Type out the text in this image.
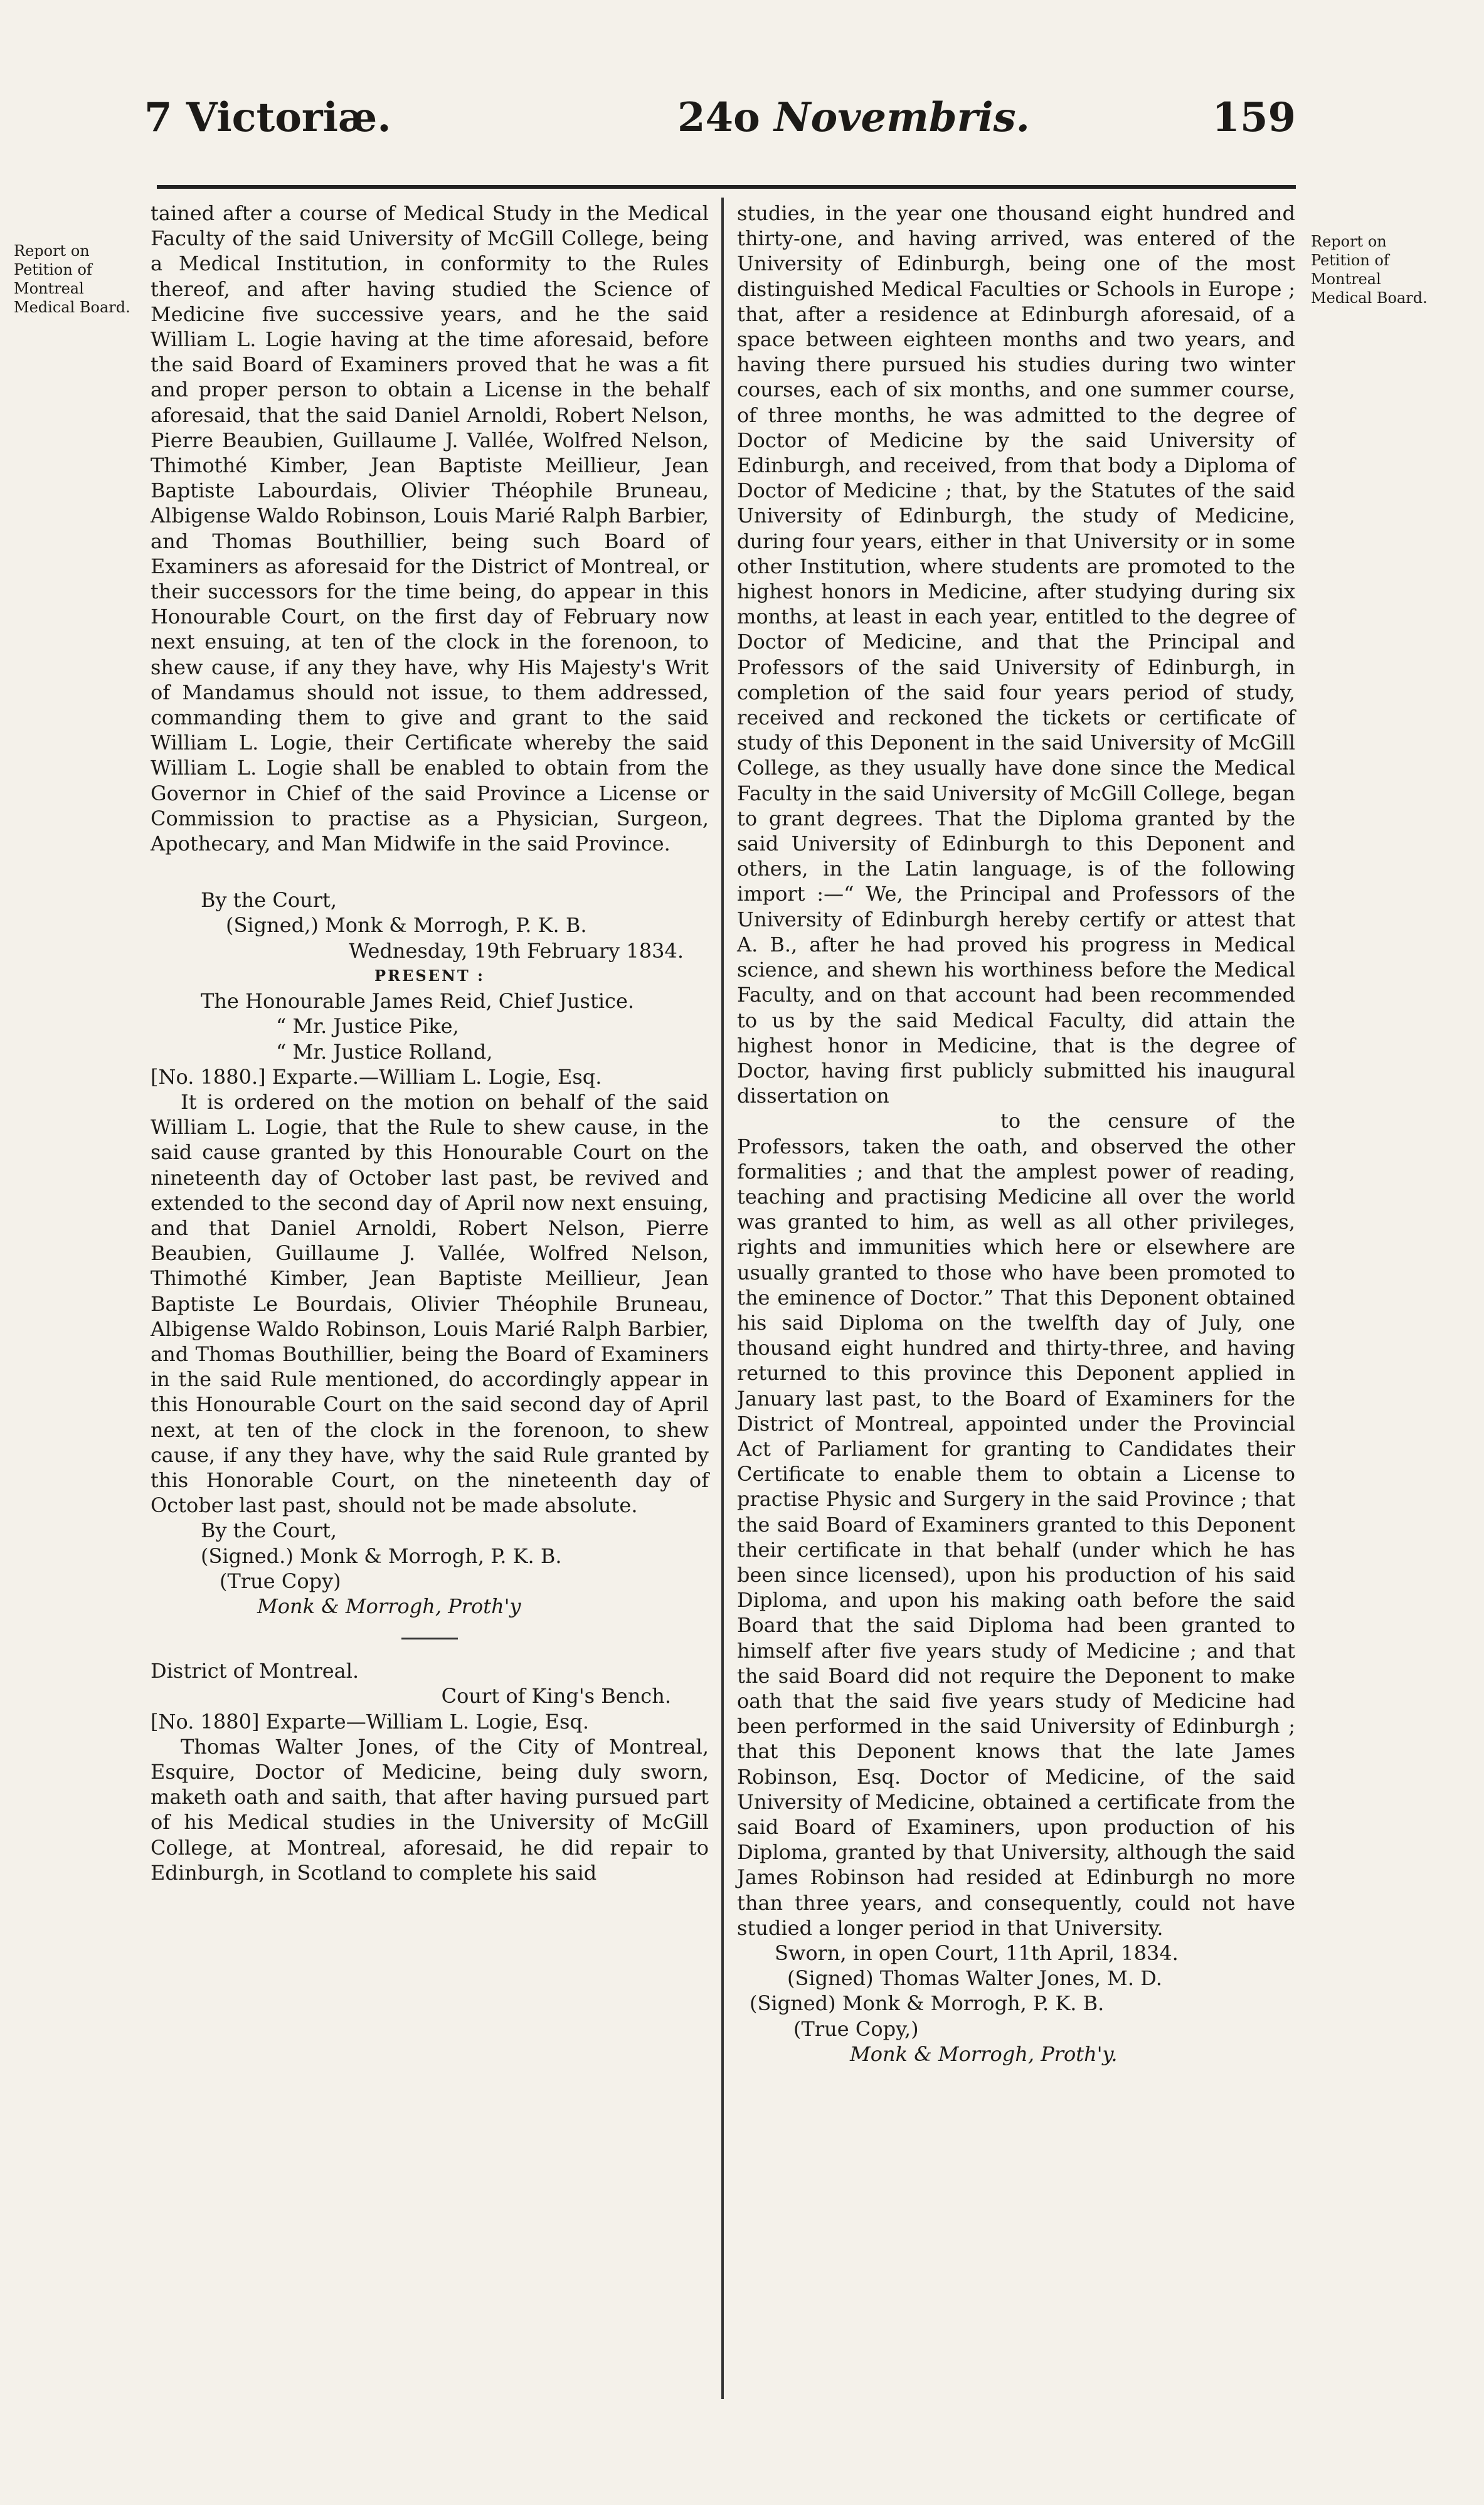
7 Victoriæ.	24o Novembris.	159
Report on Petition of Montreal Medical Board.
Report on Petition of Montreal Medical Board.

tained after a course of Medical Study in the Medical Faculty of the said University of McGill College, being a Medical Institution, in conformity to the Rules thereof, and after having studied the Science of Medicine five successive years, and he the said William L. Logie having at the time aforesaid, before the said Board of Examiners proved that he was a fit and proper person to obtain a License in the behalf aforesaid, that the said Daniel Arnoldi, Robert Nelson, Pierre Beaubien, Guillaume J. Vallée, Wolfred Nelson, Thimothé Kimber, Jean Baptiste Meillieur, Jean Baptiste Labourdais, Olivier Théophile Bruneau, Albigense Waldo Robinson, Louis Marié Ralph Barbier, and Thomas Bouthillier, being such Board of Examiners as aforesaid for the District of Montreal, or their successors for the time being, do appear in this Honourable Court, on the first day of February now next ensuing, at ten of the clock in the forenoon, to shew cause, if any they have, why His Majesty's Writ of Mandamus should not issue, to them addressed, commanding them to give and grant to the said William L. Logie, their Certificate whereby the said William L. Logie shall be enabled to obtain from the Governor in Chief of the said Province a License or Commission to practise as a Physician, Surgeon, Apothecary, and Man Midwife in the said Province.

By the Court,

(Signed,) Monk & Morrogh, P. K. B.

Wednesday, 19th February 1834.

PRESENT :

The Honourable James Reid, Chief Justice.

“ Mr. Justice Pike,

“ Mr. Justice Rolland,

[No. 1880.] Exparte.—William L. Logie, Esq.

It is ordered on the motion on behalf of the said William L. Logie, that the Rule to shew cause, in the said cause granted by this Honourable Court on the nineteenth day of October last past, be revived and extended to the second day of April now next ensuing, and that Daniel Arnoldi, Robert Nelson, Pierre Beaubien, Guillaume J. Vallée, Wolfred Nelson, Thimothé Kimber, Jean Baptiste Meillieur, Jean Baptiste Le Bourdais, Olivier Théophile Bruneau, Albigense Waldo Robinson, Louis Marié Ralph Barbier, and Thomas Bouthillier, being the Board of Examiners in the said Rule mentioned, do accordingly appear in this Honourable Court on the said second day of April next, at ten of the clock in the forenoon, to shew cause, if any they have, why the said Rule granted by this Honorable Court, on the nineteenth day of October last past, should not be made absolute.

By the Court,

(Signed.) Monk & Morrogh, P. K. B.

(True Copy)

Monk & Morrogh, Proth'y

District of Montreal.

Court of King's Bench.

[No. 1880] Exparte—William L. Logie, Esq.

Thomas Walter Jones, of the City of Montreal, Esquire, Doctor of Medicine, being duly sworn, maketh oath and saith, that after having pursued part of his Medical studies in the University of McGill College, at Montreal, aforesaid, he did repair to Edinburgh, in Scotland to complete his said

studies, in the year one thousand eight hundred and thirty-one, and having arrived, was entered of the University of Edinburgh, being one of the most distinguished Medical Faculties or Schools in Europe ; that, after a residence at Edinburgh aforesaid, of a space between eighteen months and two years, and having there pursued his studies during two winter courses, each of six months, and one summer course, of three months, he was admitted to the degree of Doctor of Medicine by the said University of Edinburgh, and received, from that body a Diploma of Doctor of Medicine ; that, by the Statutes of the said University of Edinburgh, the study of Medicine, during four years, either in that University or in some other Institution, where students are promoted to the highest honors in Medicine, after studying during six months, at least in each year, entitled to the degree of Doctor of Medicine, and that the Principal and Professors of the said University of Edinburgh, in completion of the said four years period of study, received and reckoned the tickets or certificate of study of this Deponent in the said University of McGill College, as they usually have done since the Medical Faculty in the said University of McGill College, began to grant degrees. That the Diploma granted by the said University of Edinburgh to this Deponent and others, in the Latin language, is of the following import :—“ We, the Principal and Professors of the University of Edinburgh hereby certify or attest that A. B., after he had proved his progress in Medical science, and shewn his worthiness before the Medical Faculty, and on that account had been recommended to us by the said Medical Faculty, did attain the highest honor in Medicine, that is the degree of Doctor, having first publicly submitted his inaugural dissertation on

to the censure of the Professors, taken the oath, and observed the other formalities ; and that the amplest power of reading, teaching and practising Medicine all over the world was granted to him, as well as all other privileges, rights and immunities which here or elsewhere are usually granted to those who have been promoted to the eminence of Doctor.” That this Deponent obtained his said Diploma on the twelfth day of July, one thousand eight hundred and thirty-three, and having returned to this province this Deponent applied in January last past, to the Board of Examiners for the District of Montreal, appointed under the Provincial Act of Parliament for granting to Candidates their Certificate to enable them to obtain a License to practise Physic and Surgery in the said Province ; that the said Board of Examiners granted to this Deponent their certificate in that behalf (under which he has been since licensed), upon his production of his said Diploma, and upon his making oath before the said Board that the said Diploma had been granted to himself after five years study of Medicine ; and that the said Board did not require the Deponent to make oath that the said five years study of Medicine had been performed in the said University of Edinburgh ; that this Deponent knows that the late James Robinson, Esq. Doctor of Medicine, of the said University of Medicine, obtained a certificate from the said Board of Examiners, upon production of his Diploma, granted by that University, although the said James Robinson had resided at Edinburgh no more than three years, and consequently, could not have studied a longer period in that University.

Sworn, in open Court, 11th April, 1834.

(Signed) Thomas Walter Jones, M. D.

(Signed) Monk & Morrogh, P. K. B.

(True Copy,)

Monk & Morrogh, Proth'y.
